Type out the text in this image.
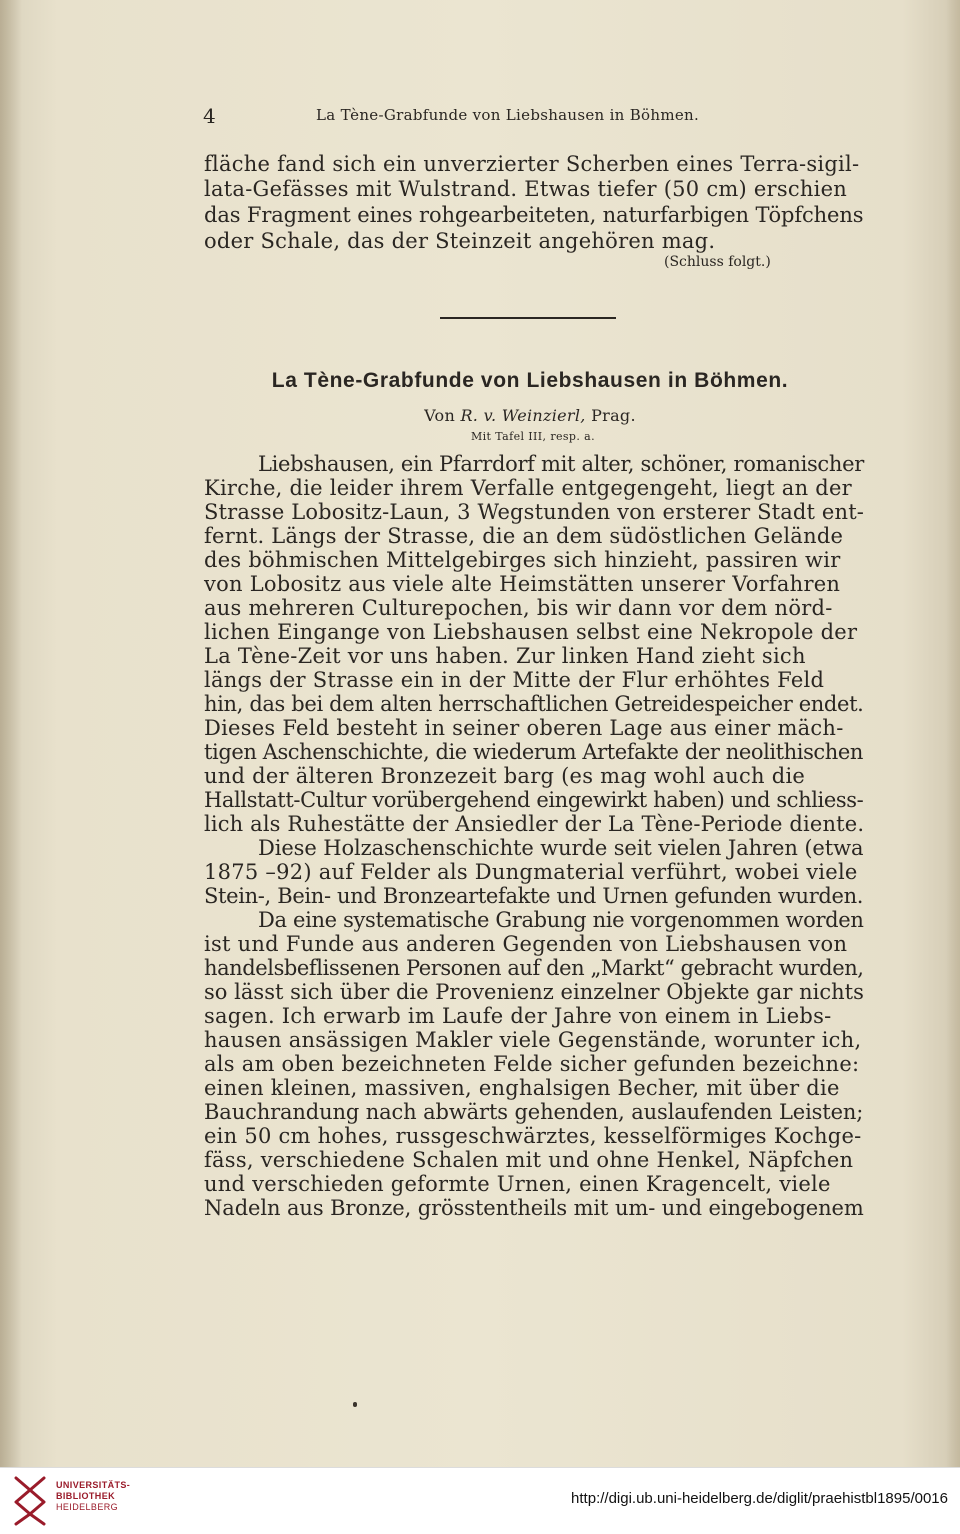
4	La Tène-Grabfunde von Liebshausen in Böhmen.
fläche fand sich ein unverzierter Scherben eines Terra-sigil-
lata-Gefässes mit Wulstrand. Etwas tiefer (50 cm) erschien
das Fragment eines rohgearbeiteten, naturfarbigen Töpfchens
oder Schale, das der Steinzeit angehören mag.
(Schluss folgt.)
La Tène-Grabfunde von Liebshausen in Böhmen.
Von R. v. Weinzierl, Prag.
Mit Tafel III, resp. a.
Liebshausen, ein Pfarrdorf mit alter, schöner, romanischer
Kirche, die leider ihrem Verfalle entgegengeht, liegt an der
Strasse Lobositz-Laun, 3 Wegstunden von ersterer Stadt ent-
fernt. Längs der Strasse, die an dem südöstlichen Gelände
des böhmischen Mittelgebirges sich hinzieht, passiren wir
von Lobositz aus viele alte Heimstätten unserer Vorfahren
aus mehreren Culturepochen, bis wir dann vor dem nörd-
lichen Eingange von Liebshausen selbst eine Nekropole der
La Tène-Zeit vor uns haben. Zur linken Hand zieht sich
längs der Strasse ein in der Mitte der Flur erhöhtes Feld
hin, das bei dem alten herrschaftlichen Getreidespeicher endet.
Dieses Feld besteht in seiner oberen Lage aus einer mäch-
tigen Aschenschichte, die wiederum Artefakte der neolithischen
und der älteren Bronzezeit barg (es mag wohl auch die
Hallstatt-Cultur vorübergehend eingewirkt haben) und schliess-
lich als Ruhestätte der Ansiedler der La Tène-Periode diente.
Diese Holzaschenschichte wurde seit vielen Jahren (etwa
1875 –92) auf Felder als Dungmaterial verführt, wobei viele
Stein-, Bein- und Bronzeartefakte und Urnen gefunden wurden.
Da eine systematische Grabung nie vorgenommen worden
ist und Funde aus anderen Gegenden von Liebshausen von
handelsbeflissenen Personen auf den „Markt“ gebracht wurden,
so lässt sich über die Provenienz einzelner Objekte gar nichts
sagen. Ich erwarb im Laufe der Jahre von einem in Liebs-
hausen ansässigen Makler viele Gegenstände, worunter ich,
als am oben bezeichneten Felde sicher gefunden bezeichne:
einen kleinen, massiven, enghalsigen Becher, mit über die
Bauchrandung nach abwärts gehenden, auslaufenden Leisten;
ein 50 cm hohes, russgeschwärztes, kesselförmiges Kochge-
fäss, verschiedene Schalen mit und ohne Henkel, Näpfchen
und verschieden geformte Urnen, einen Kragencelt, viele
Nadeln aus Bronze, grösstentheils mit um- und eingebogenem
UNIVERSITÄTS-
BIBLIOTHEK
HEIDELBERG	http://digi.ub.uni-heidelberg.de/diglit/praehistbl1895/0016
